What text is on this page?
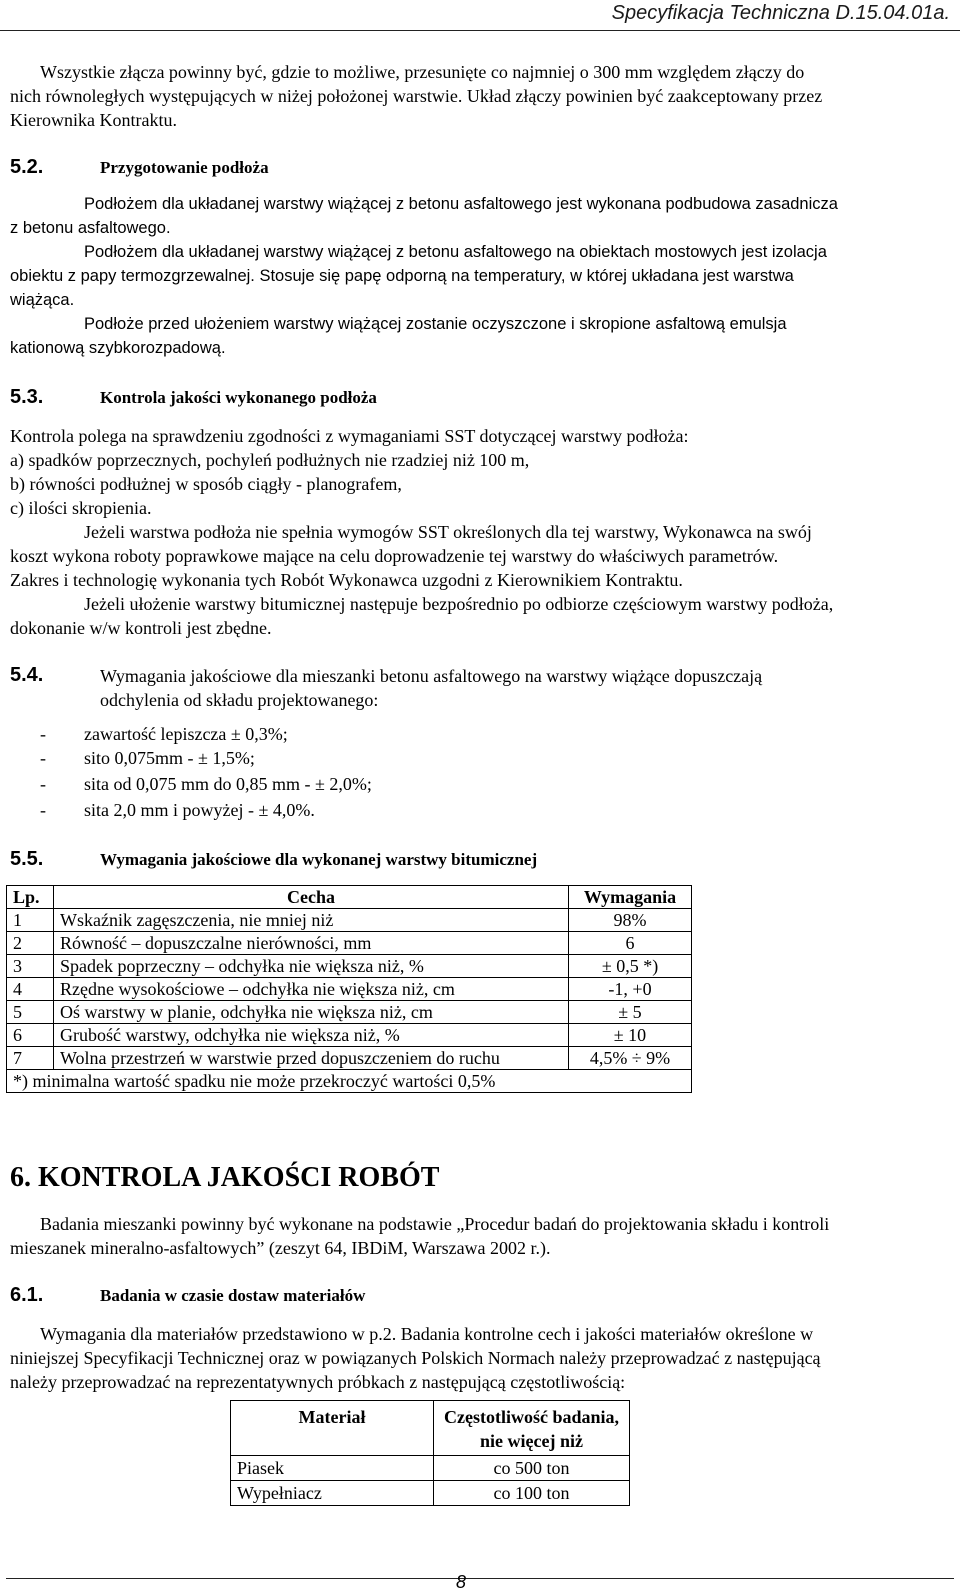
Specyfikacja Techniczna D.15.04.01a.

Wszystkie złącza powinny być, gdzie to możliwe, przesunięte co najmniej o 300 mm względem złączy do

nich równoległych występujących w niżej położonej warstwie. Układ złączy powinien być zaakceptowany przez

Kierownika Kontraktu.

5.2.	Przygotowanie podłoża

Podłożem dla układanej warstwy wiążącej z betonu asfaltowego jest wykonana podbudowa zasadnicza

z betonu asfaltowego.

Podłożem dla układanej warstwy wiążącej z betonu asfaltowego na obiektach mostowych jest izolacja

obiektu z papy termozgrzewalnej. Stosuje się papę odporną na temperatury, w której układana jest warstwa

wiążąca.

Podłoże przed ułożeniem warstwy wiążącej zostanie oczyszczone i skropione asfaltową emulsja

kationową szybkorozpadową.

5.3.	Kontrola jakości wykonanego podłoża

Kontrola polega na sprawdzeniu zgodności z wymaganiami SST dotyczącej warstwy podłoża:

a) spadków poprzecznych, pochyleń podłużnych nie rzadziej niż 100 m,

b) równości podłużnej w sposób ciągły - planografem,

c) ilości skropienia.

Jeżeli warstwa podłoża nie spełnia wymogów SST określonych dla tej warstwy, Wykonawca na swój

koszt wykona roboty poprawkowe mające na celu doprowadzenie tej warstwy do właściwych parametrów.

Zakres i technologię wykonania tych Robót Wykonawca uzgodni z Kierownikiem Kontraktu.

Jeżeli ułożenie warstwy bitumicznej następuje bezpośrednio po odbiorze częściowym warstwy podłoża,

dokonanie w/w kontroli jest zbędne.

5.4.	Wymagania jakościowe dla mieszanki betonu asfaltowego na warstwy wiążące dopuszczają

odchylenia od składu projektowanego:

- zawartość lepiszcza ± 0,3%;
- sito 0,075mm - ± 1,5%;
- sita od 0,075 mm do 0,85 mm - ± 2,0%;
- sita 2,0 mm i powyżej - ± 4,0%.
5.5.	Wymagania jakościowe dla wykonanej warstwy bitumicznej
Lp.	Cecha	Wymagania
1	Wskaźnik zagęszczenia, nie mniej niż	98%
2	Równość – dopuszczalne nierówności, mm	6
3	Spadek poprzeczny – odchyłka nie większa niż, %	± 0,5 *)
4	Rzędne wysokościowe – odchyłka nie większa niż, cm	-1, +0
5	Oś warstwy w planie, odchyłka nie większa niż, cm	± 5
6	Grubość warstwy, odchyłka nie większa niż, %	± 10
7	Wolna przestrzeń w warstwie przed dopuszczeniem do ruchu	4,5% ÷ 9%
*) minimalna wartość spadku nie może przekroczyć wartości 0,5%		
6. KONTROLA JAKOŚCI ROBÓT

Badania mieszanki powinny być wykonane na podstawie „Procedur badań do projektowania składu i kontroli

mieszanek mineralno-asfaltowych” (zeszyt 64, IBDiM, Warszawa 2002 r.).

6.1.	Badania w czasie dostaw materiałów

Wymagania dla materiałów przedstawiono w p.2. Badania kontrolne cech i jakości materiałów określone w

niniejszej Specyfikacji Technicznej oraz w powiązanych Polskich Normach należy przeprowadzać z następującą

należy przeprowadzać na reprezentatywnych próbkach z następującą częstotliwością:

Materiał	Częstotliwość badania, nie więcej niż
Piasek	co 500 ton
Wypełniacz	co 100 ton
8
